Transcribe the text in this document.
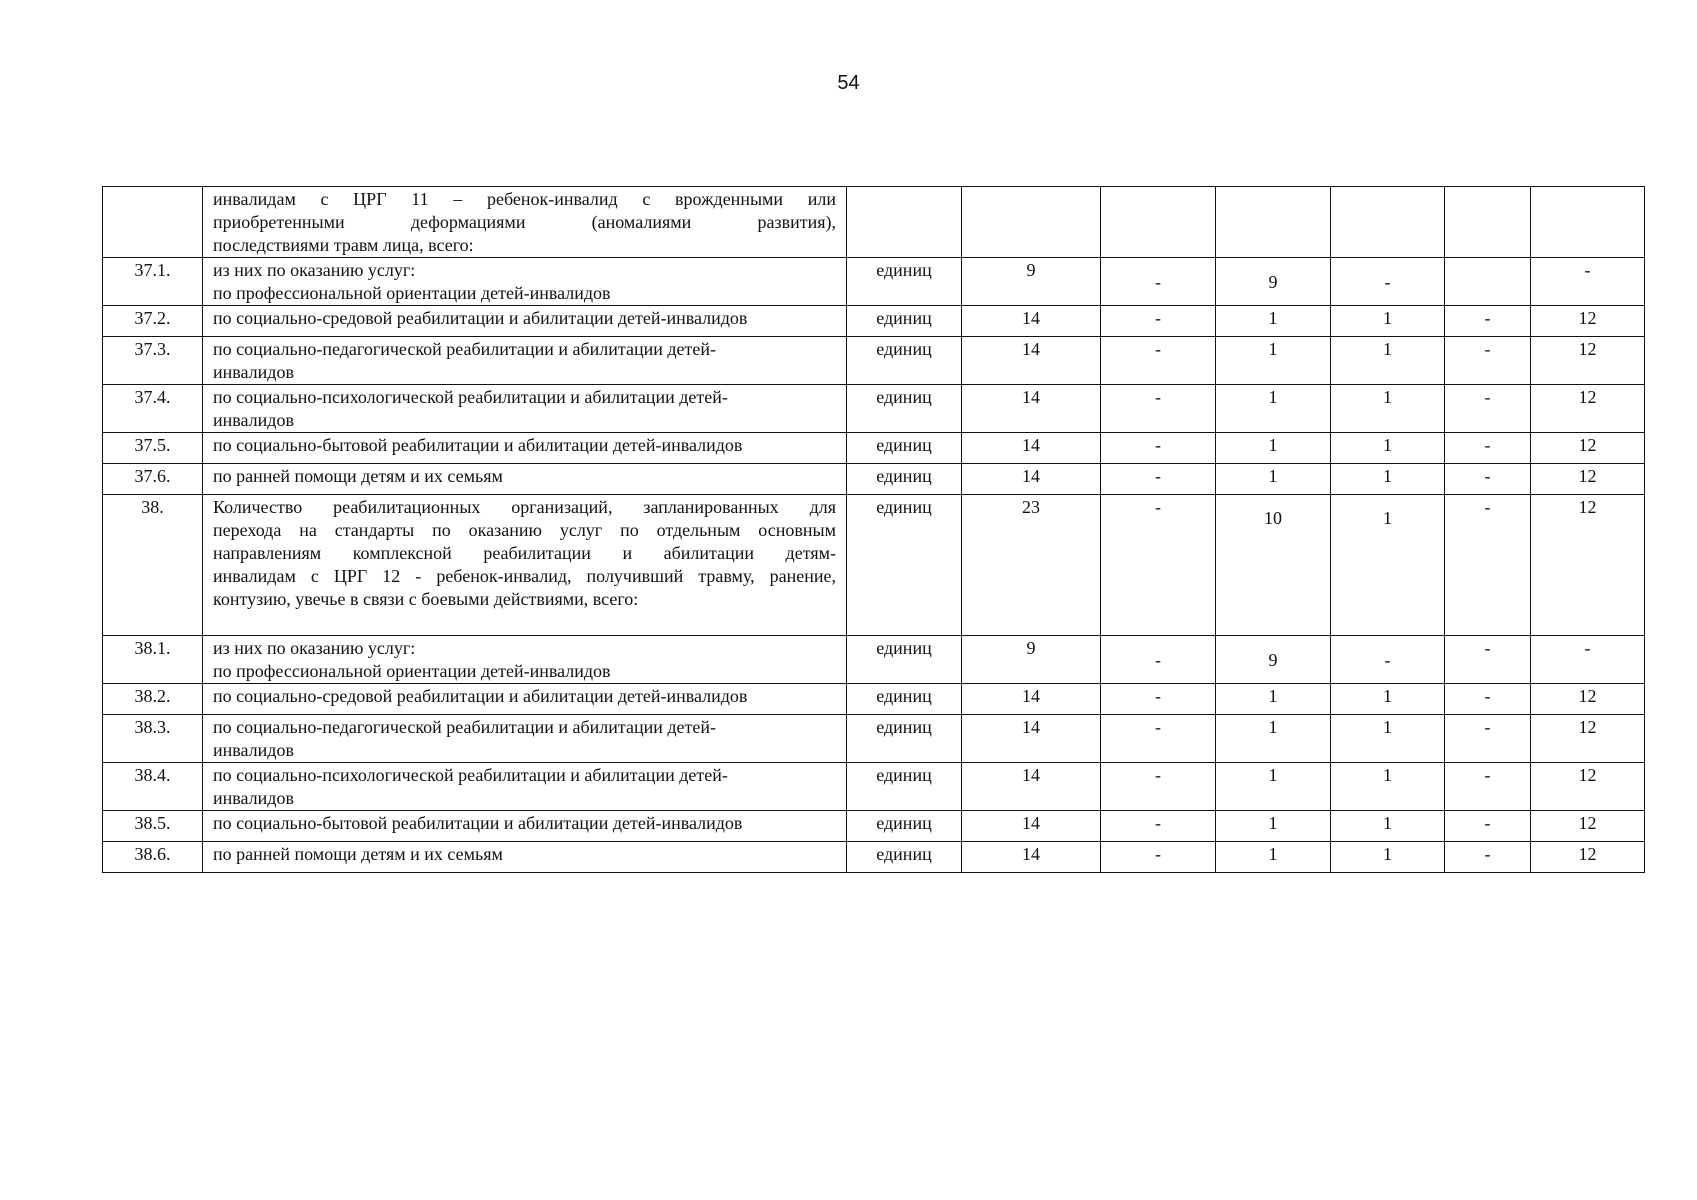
54

	инвалидам с ЦРГ 11 – ребенок-инвалид с врожденными или
приобретенными деформациями (аномалиями развития),
последствиями травм лица, всего:							

37.1.	из них по оказанию услуг:
по профессиональной ориентации детей-инвалидов	единиц	9	-	9	-		-
37.2.	по социально-средовой реабилитации и абилитации детей-инвалидов	единиц	14	-	1	1	-	12
37.3.	по социально-педагогической реабилитации и абилитации детей-
инвалидов	единиц	14	-	1	1	-	12
37.4.	по социально-психологической реабилитации и абилитации детей-
инвалидов	единиц	14	-	1	1	-	12
37.5.	по социально-бытовой реабилитации и абилитации детей-инвалидов	единиц	14	-	1	1	-	12
37.6.	по ранней помощи детям и их семьям	единиц	14	-	1	1	-	12
38.	Количество реабилитационных организаций, запланированных для
перехода на стандарты по оказанию услуг по отдельным основным
направлениям комплексной реабилитации и абилитации детям-
инвалидам с ЦРГ 12 - ребенок-инвалид, получивший травму, ранение,
контузию, увечье в связи с боевыми действиями, всего:	единиц	23	-	10	1	-	12
38.1.	из них по оказанию услуг:
по профессиональной ориентации детей-инвалидов	единиц	9	-	9	-	-	-
38.2.	по социально-средовой реабилитации и абилитации детей-инвалидов	единиц	14	-	1	1	-	12
38.3.	по социально-педагогической реабилитации и абилитации детей-
инвалидов	единиц	14	-	1	1	-	12
38.4.	по социально-психологической реабилитации и абилитации детей-
инвалидов	единиц	14	-	1	1	-	12
38.5.	по социально-бытовой реабилитации и абилитации детей-инвалидов	единиц	14	-	1	1	-	12
38.6.	по ранней помощи детям и их семьям	единиц	14	-	1	1	-	12
